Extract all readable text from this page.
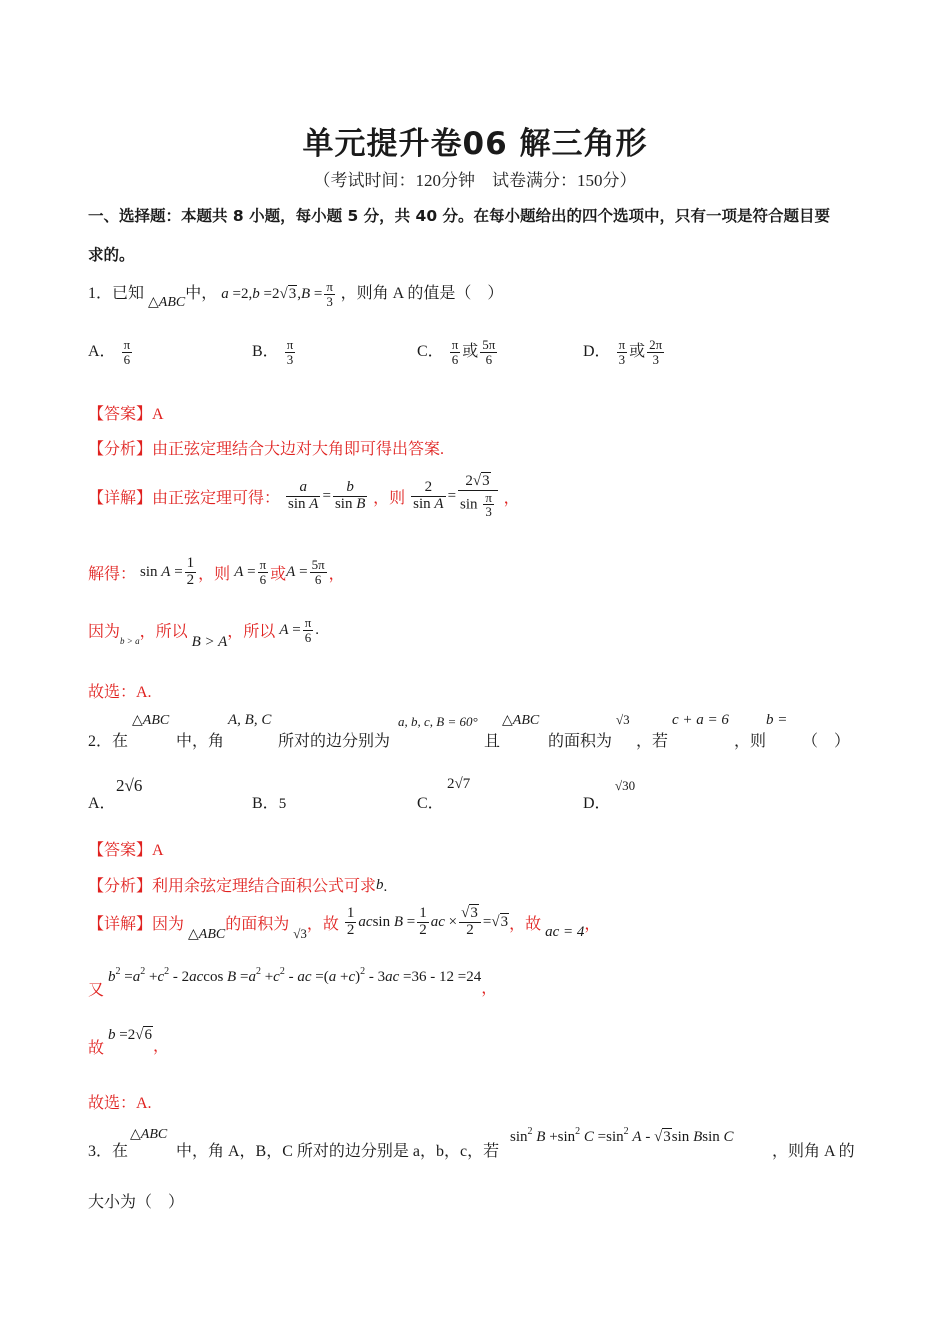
单元提升卷06 解三角形
（考试时间：120分钟　试卷满分：150分）
一、选择题：本题共 8 小题，每小题 5 分，共 40 分。在每小题给出的四个选项中，只有一项是符合题目要
求的。
1．已知 △ABC中， $a =2,b =2√3,B = \frac{\pi}{3}$ ，则角 A 的值是（　）
A． $\frac{\pi}{6}$	B． $\frac{\pi}{3}$	C． $\frac{\pi}{6}$ 或 $\frac{5\pi}{6}$	D． $\frac{\pi}{3}$ 或 $\frac{2\pi}{3}$
【答案】A
【分析】由正弦定理结合大边对大角即可得出答案.
【详解】由正弦定理可得： $\frac{a}{\text{sin A}} = \frac{b}{\text{sin B}}$ ，则 $\frac{2}{\text{sin A}} = \frac{2√3}{\sin \frac{\pi}{3}}$ ，
解得： $\sin A = \frac{1}{2}$ ，则 $A = \frac{\pi}{6}$ 或$A = \frac{5\pi}{6}$ ，
因为$_{b > a}$，所以 B > A，所以 $A = \frac{\pi}{6}$ .
故选：A.
2． 在
△ABC
中，角
A, B, C
所对的边分别为
a, b, c, B = 60°
且
△ABC
的面积为
√3
，若
c + a = 6
，则
b =
（　）
A．
2√6
B．5	C．
2√7
D．
√30
【答案】A
【分析】利用余弦定理结合面积公式可求b.
【详解】因为 △ABC的面积为 $_{√3}$，故 $\frac{1}{2}$ acsin $B = \frac{1}{2}$ ac × $\frac{√3}{2} =√3$，故 ac = 4，
又 $b^2 =a^2 +c^2 - 2accos$ $B =a^2 +c^2$ - ac $=(a +c)^2 - 3ac =36 - 12 =24$，
故 b =2√6，
故选：A.
3． 在
△ABC
中，角 A，B，C 所对的边分别是 a，b，c，若
$\sin^2 B +\sin^2$ $C =\sin^2$ A - √3sin Bsin C
，则角 A 的
大小为（　）
